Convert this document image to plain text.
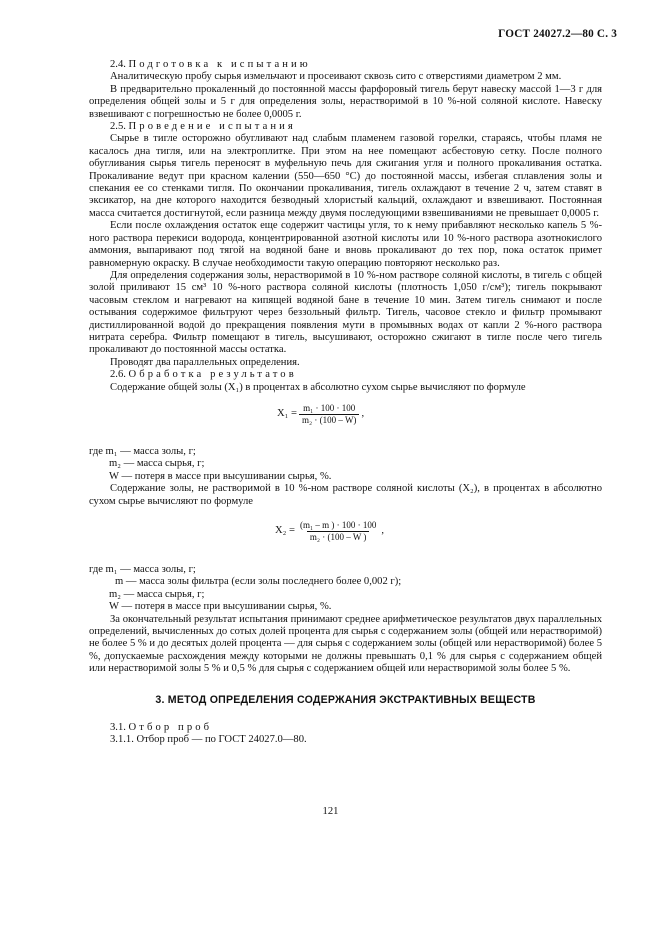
ГОСТ 24027.2—80 С. 3

2.4. Подготовка к испытанию

Аналитическую пробу сырья измельчают и просеивают сквозь сито с отверстиями диаметром 2 мм.

В предварительно прокаленный до постоянной массы фарфоровый тигель берут навеску массой 1—3 г для определения общей золы и 5 г для определения золы, нерастворимой в 10 %-ной соляной кислоте. Навеску взвешивают с погрешностью не более 0,0005 г.

2.5. Проведение испытания

Сырье в тигле осторожно обугливают над слабым пламенем газовой горелки, стараясь, чтобы пламя не касалось дна тигля, или на электроплитке. При этом на нее помещают асбестовую сетку. После полного обугливания сырья тигель переносят в муфельную печь для сжигания угля и полного прокаливания остатка. Прокаливание ведут при красном калении (550—650 °С) до постоянной массы, избегая сплавления золы и спекания ее со стенками тигля. По окончании прокаливания, тигель охлаждают в течение 2 ч, затем ставят в эксикатор, на дне которого находится безводный хлористый кальций, охлаждают и взвешивают. Постоянная масса считается достигнутой, если разница между двумя последующими взвешиваниями не превышает 0,0005 г.

Если после охлаждения остаток еще содержит частицы угля, то к нему прибавляют несколько капель 5 %-ного раствора перекиси водорода, концентрированной азотной кислоты или 10 %-ного раствора азотнокислого аммония, выпаривают под тягой на водяной бане и вновь прокаливают до тех пор, пока остаток примет равномерную окраску. В случае необходимости такую операцию повторяют несколько раз.

Для определения содержания золы, нерастворимой в 10 %-ном растворе соляной кислоты, в тигель с общей золой приливают 15 см³ 10 %-ного раствора соляной кислоты (плотность 1,050 г/см³); тигель покрывают часовым стеклом и нагревают на кипящей водяной бане в течение 10 мин. Затем тигель снимают и после остывания содержимое фильтруют через беззольный фильтр. Тигель, часовое стекло и фильтр промывают дистиллированной водой до прекращения появления мути в промывных водах от капли 2 %-ного раствора нитрата серебра. Фильтр помещают в тигель, высушивают, осторожно сжигают в тигле после чего тигель прокаливают до постоянной массы остатка.

Проводят два параллельных определения.

2.6. Обработка результатов

Содержание общей золы (X₁) в процентах в абсолютно сухом сырье вычисляют по формуле

$X_1 = \frac{\text{m₁ · 100 · 100}}{\text{m₂ · (100 – W)}}$ ,
где m₁ — масса золы, г;
m₂ — масса сырья, г;
W — потеря в массе при высушивании сырья, %.

Содержание золы, не растворимой в 10 %-ном растворе соляной кислоты (X₂), в процентах в абсолютно сухом сырье вычисляют по формуле

$X_2 = \frac{\text{(m₁ – m ) · 100 · 100}}{\text{m₂ · (100 – W )}}$ ,
где m₁ — масса золы, г;
m — масса золы фильтра (если золы последнего более 0,002 г);
m₂ — масса сырья, г;
W — потеря в массе при высушивании сырья, %.

За окончательный результат испытания принимают среднее арифметическое результатов двух параллельных определений, вычисленных до сотых долей процента для сырья с содержанием золы (общей или нерастворимой) не более 5 % и до десятых долей процента — для сырья с содержанием золы (общей или нерастворимой) более 5 %, допускаемые расхождения между которыми не должны превышать 0,1 % для сырья с содержанием общей или нерастворимой золы 5 % и 0,5 % для сырья с содержанием общей или нерастворимой золы более 5 %.

3. МЕТОД ОПРЕДЕЛЕНИЯ СОДЕРЖАНИЯ ЭКСТРАКТИВНЫХ ВЕЩЕСТВ

3.1. Отбор проб

3.1.1. Отбор проб — по ГОСТ 24027.0—80.

121
